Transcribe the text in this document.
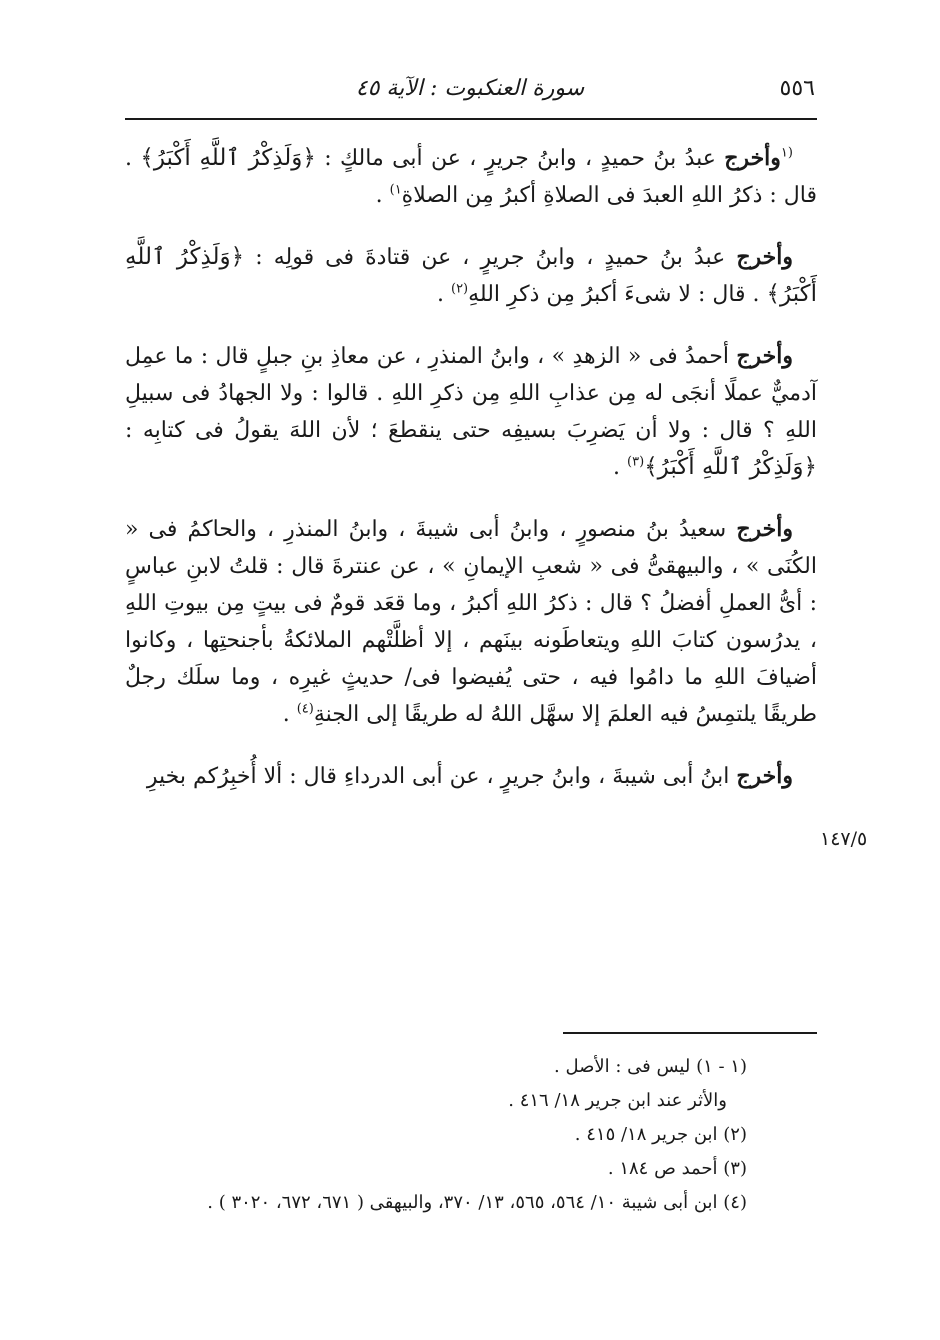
٥٥٦
سورة العنكبوت : الآية ٤٥

$^{(١}$وأخرج عبدُ بنُ حميدٍ ، وابنُ جريرٍ ، عن أبى مالكٍ : ﴿وَلَذِكْرُ ٱللَّهِ أَكْبَرُ﴾ . قال : ذكرُ اللهِ العبدَ فى الصلاةِ أكبرُ مِن الصلاةِ$^{١)}$ .

وأخرج عبدُ بنُ حميدٍ ، وابنُ جريرٍ ، عن قتادةَ فى قولِه : ﴿وَلَذِكْرُ ٱللَّهِ أَكْبَرُ﴾ . قال : لا شىءَ أكبرُ مِن ذكرِ اللهِ$^{(٢)}$ .

وأخرج أحمدُ فى « الزهدِ » ، وابنُ المنذرِ ، عن معاذِ بنِ جبلٍ قال : ما عمِل آدميٌّ عملًا أنجَى له مِن عذابِ اللهِ مِن ذكرِ اللهِ . قالوا : ولا الجهادُ فى سبيلِ اللهِ ؟ قال : ولا أن يَضرِبَ بسيفِه حتى ينقطعَ ؛ لأن اللهَ يقولُ فى كتابِه : ﴿وَلَذِكْرُ ٱللَّهِ أَكْبَرُ﴾$^{(٣)}$ .

وأخرج سعيدُ بنُ منصورٍ ، وابنُ أبى شيبةَ ، وابنُ المنذرِ ، والحاكمُ فى « الكُنَى » ، والبيهقىُّ فى « شعبِ الإيمانِ » ، عن عنترةَ قال : قلتُ لابنِ عباسٍ : أىُّ العملِ أفضلُ ؟ قال : ذكرُ اللهِ أكبرُ ، وما قعَد قومٌ فى بيتٍ مِن بيوتِ اللهِ ، يدرُسون كتابَ اللهِ ويتعاطَونه بينَهم ، إلا أظلَّتْهم الملائكةُ بأجنحتِها ، وكانوا أضيافَ اللهِ ما دامُوا فيه ، حتى يُفيضوا فى/ حديثٍ غيرِه ، وما سلَك رجلٌ طريقًا يلتمِسُ فيه العلمَ إلا سهَّل اللهُ له طريقًا إلى الجنةِ$^{(٤)}$ .

وأخرج ابنُ أبى شيبةَ ، وابنُ جريرٍ ، عن أبى الدرداءِ قال : ألا أُخبِرُكم بخيرِ

١٤٧/٥

(١ - ١) ليس فى : الأصل .

والأثر عند ابن جرير ١٨/ ٤١٦ .

(٢) ابن جرير ١٨/ ٤١٥ .

(٣) أحمد ص ١٨٤ .

(٤) ابن أبى شيبة ١٠/ ٥٦٤، ٥٦٥، ١٣/ ٣٧٠، والبيهقى ( ٦٧١، ٦٧٢، ٣٠٢٠ ) .
